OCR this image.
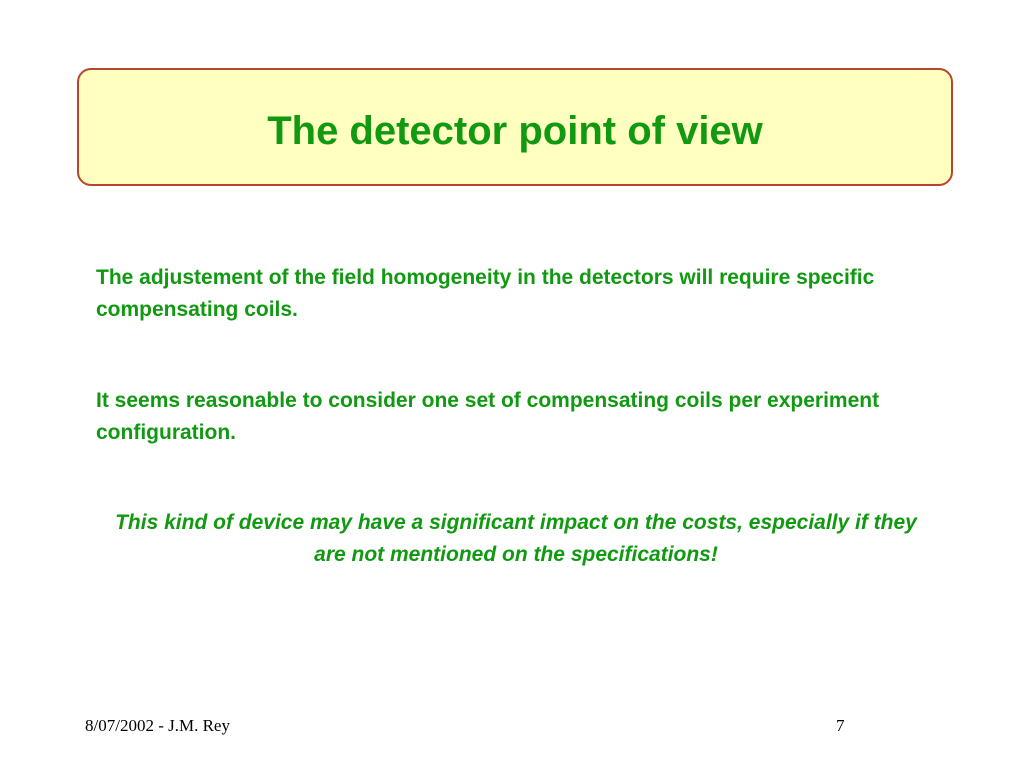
The detector point of view

The adjustement of the field homogeneity in the detectors will require specific compensating coils.

It seems reasonable to consider one set of compensating coils per experiment configuration.

This kind of device may have a significant impact on the costs, especially if they are not mentioned on the specifications!

8/07/2002 - J.M. Rey	7
